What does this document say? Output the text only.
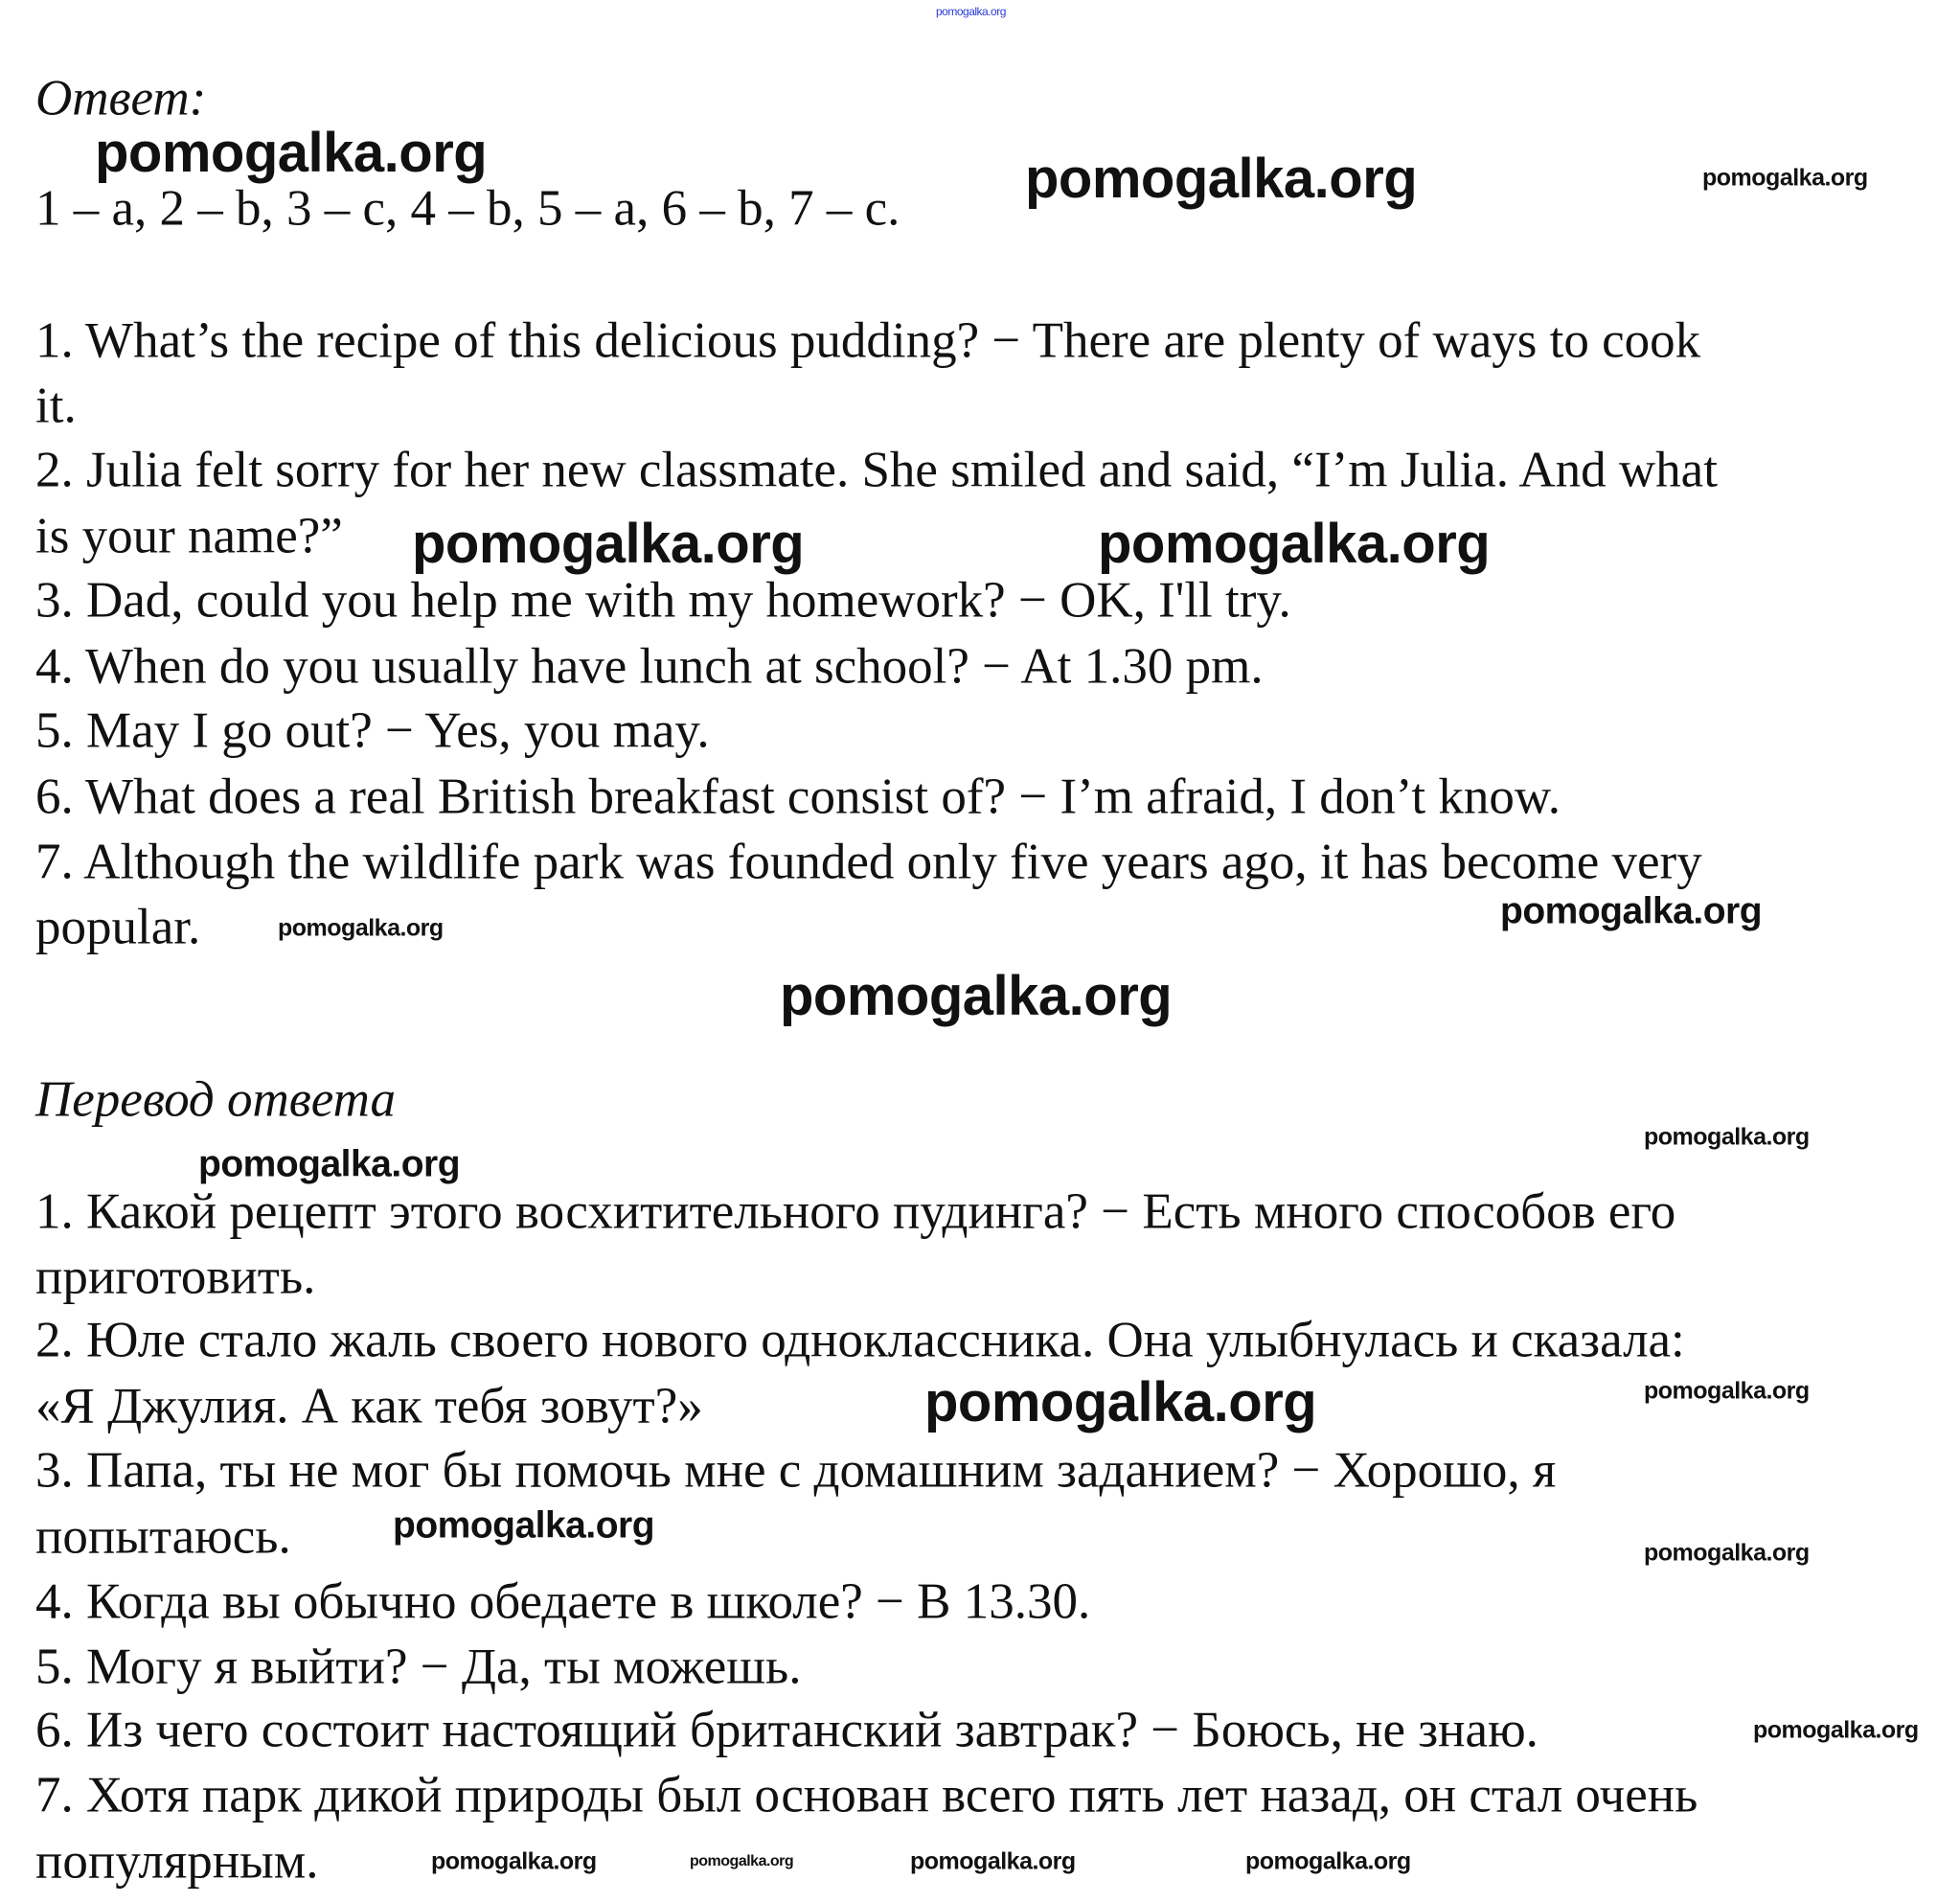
pomogalka.org
Ответ:
1 – a, 2 – b, 3 – c, 4 – b, 5 – a, 6 – b, 7 – c.
1. What’s the recipe of this delicious pudding? − There are plenty of ways to cook
it.
2. Julia felt sorry for her new classmate. She smiled and said, “I’m Julia. And what
is your name?”
3. Dad, could you help me with my homework? − OK, I'll try.
4. When do you usually have lunch at school? − At 1.30 pm.
5. May I go out? − Yes, you may.
6. What does a real British breakfast consist of? − I’m afraid, I don’t know.
7. Although the wildlife park was founded only five years ago, it has become very
popular.
Перевод ответа
1. Какой рецепт этого восхитительного пудинга? − Есть много способов его
приготовить.
2. Юле стало жаль своего нового одноклассника. Она улыбнулась и сказала:
«Я Джулия. А как тебя зовут?»
3. Папа, ты не мог бы помочь мне с домашним заданием? − Хорошо, я
попытаюсь.
4. Когда вы обычно обедаете в школе? − В 13.30.
5. Могу я выйти? − Да, ты можешь.
6. Из чего состоит настоящий британский завтрак? − Боюсь, не знаю.
7. Хотя парк дикой природы был основан всего пять лет назад, он стал очень
популярным.
pomogalka.org	pomogalka.org	pomogalka.org
pomogalka.org	pomogalka.org
pomogalka.org
pomogalka.org
pomogalka.org
pomogalka.org
pomogalka.org
pomogalka.org	pomogalka.org
pomogalka.org
pomogalka.org
pomogalka.org	pomogalka.org	pomogalka.org	pomogalka.org
pomogalka.org
